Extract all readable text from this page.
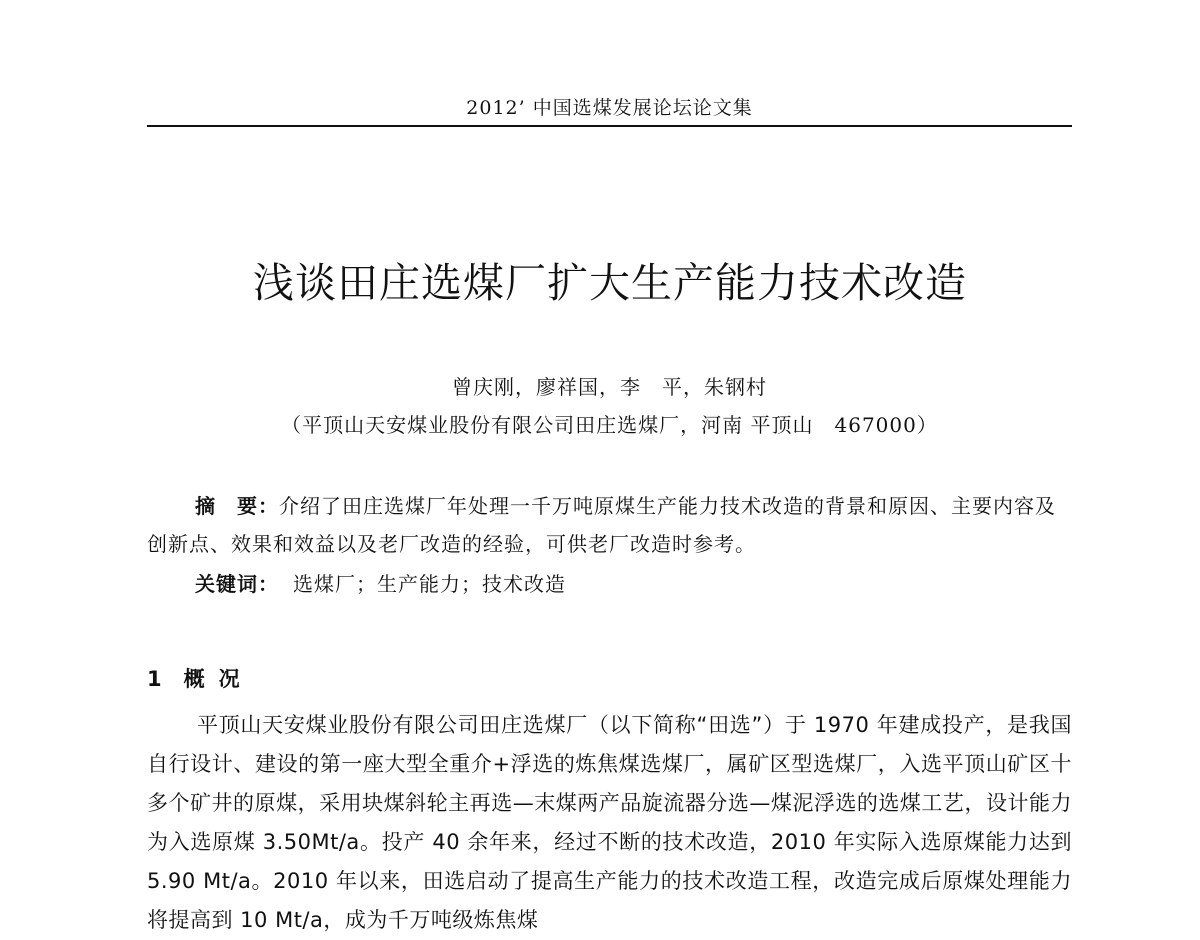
2012’ 中国选煤发展论坛论文集
浅谈田庄选煤厂扩大生产能力技术改造
曾庆刚，廖祥国，李　平，朱钢村
（平顶山天安煤业股份有限公司田庄选煤厂，河南 平顶山　467000）

摘　要：介绍了田庄选煤厂年处理一千万吨原煤生产能力技术改造的背景和原因、主要内容及创新点、效果和效益以及老厂改造的经验，可供老厂改造时参考。

关键词： 选煤厂；生产能力；技术改造
1 概况

平顶山天安煤业股份有限公司田庄选煤厂（以下简称“田选”）于 1970 年建成投产，是我国自行设计、建设的第一座大型全重介+浮选的炼焦煤选煤厂，属矿区型选煤厂，入选平顶山矿区十多个矿井的原煤，采用块煤斜轮主再选—末煤两产品旋流器分选—煤泥浮选的选煤工艺，设计能力为入选原煤 3.50Mt/a。投产 40 余年来，经过不断的技术改造，2010 年实际入选原煤能力达到 5.90 Mt/a。2010 年以来，田选启动了提高生产能力的技术改造工程，改造完成后原煤处理能力将提高到 10 Mt/a，成为千万吨级炼焦煤
